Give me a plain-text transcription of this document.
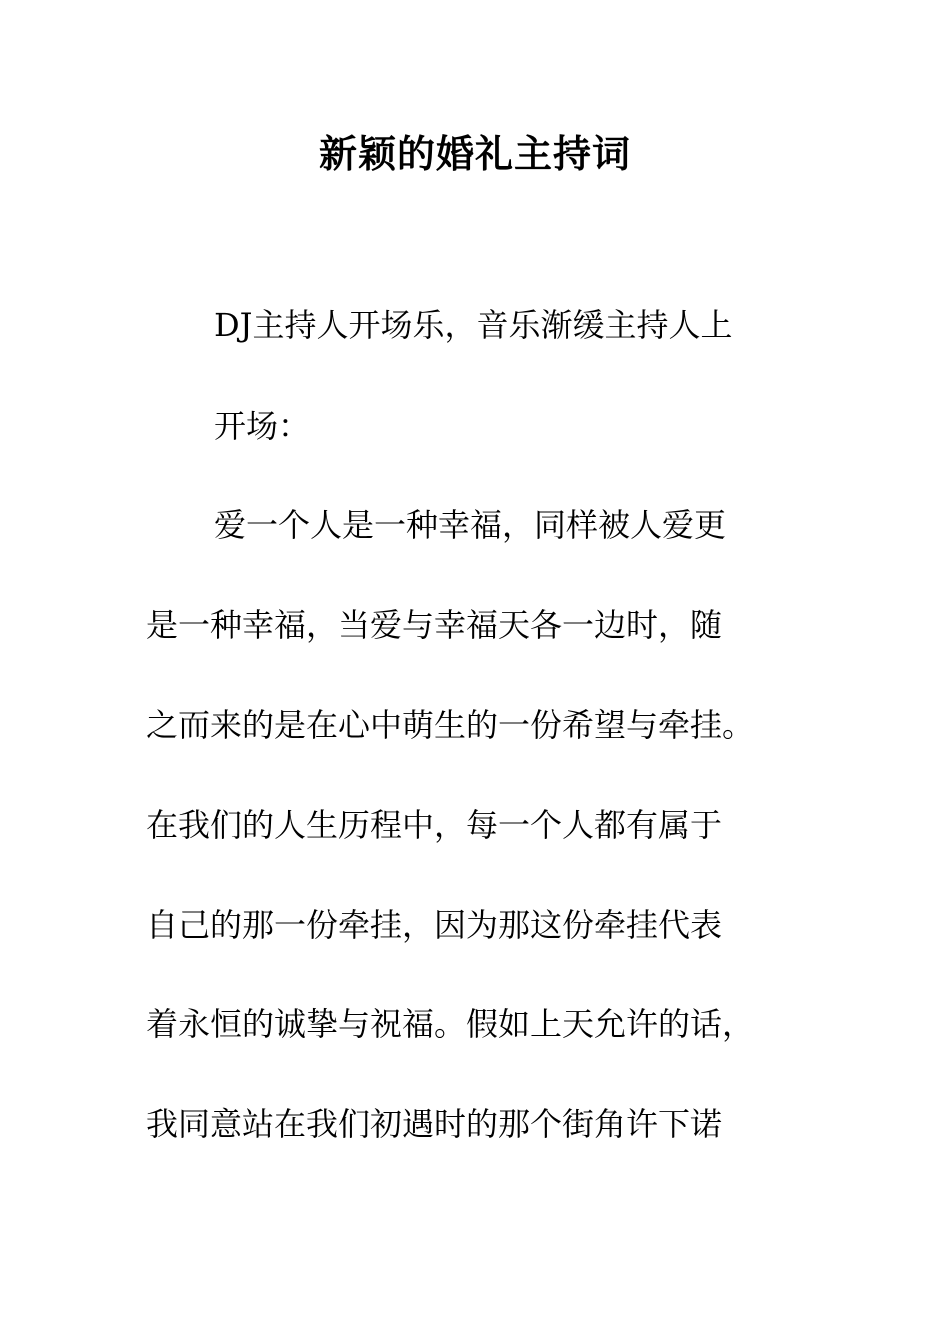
新颖的婚礼主持词
DJ主持人开场乐，音乐渐缓主持人上
开场：
爱一个人是一种幸福，同样被人爱更
是一种幸福，当爱与幸福天各一边时，随
之而来的是在心中萌生的一份希望与牵挂。
在我们的人生历程中，每一个人都有属于
自己的那一份牵挂，因为那这份牵挂代表
着永恒的诚挚与祝福。假如上天允许的话，
我同意站在我们初遇时的那个街角许下诺
